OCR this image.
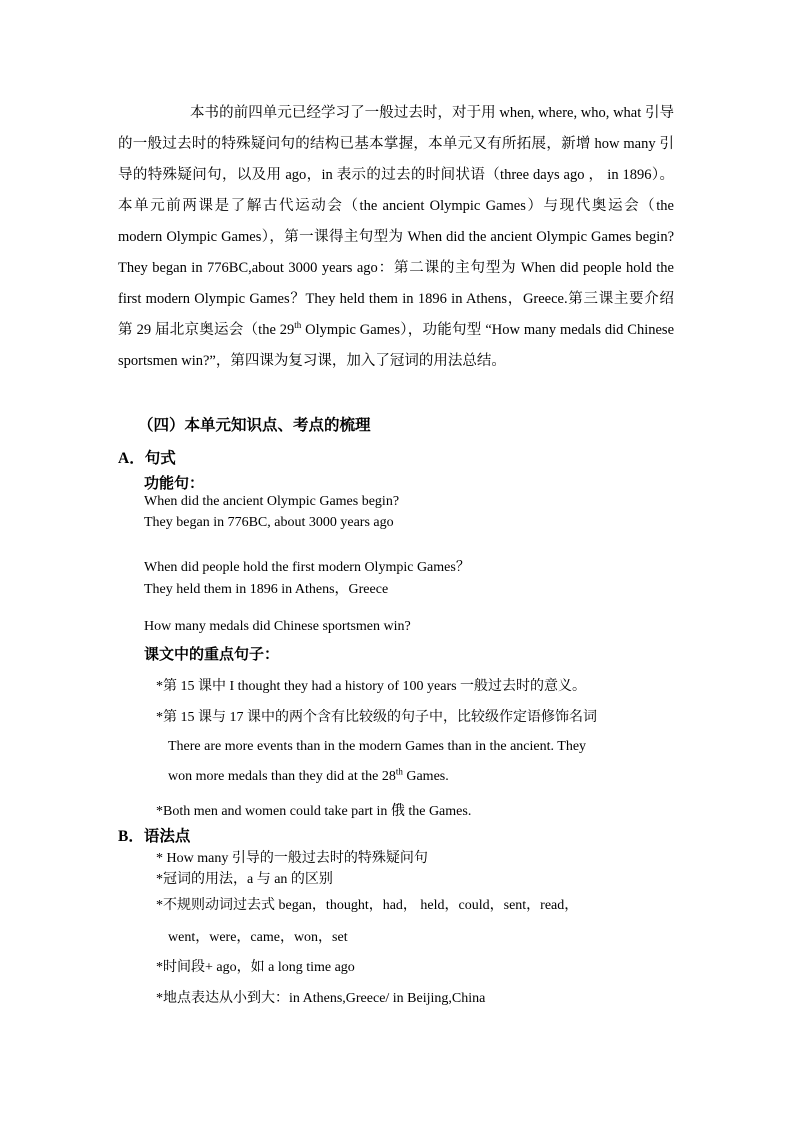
本书的前四单元已经学习了一般过去时，对于用 when, where, who, what 引导的一般过去时的特殊疑问句的结构已基本掌握，本单元又有所拓展，新增 how many 引导的特殊疑问句，以及用 ago，in 表示的过去的时间状语（three days ago ， in 1896）。本单元前两课是了解古代运动会（the ancient Olympic Games）与现代奥运会（the modern Olympic Games），第一课得主句型为 When did the ancient Olympic Games begin? They began in 776BC,about 3000 years ago：第二课的主句型为 When did people hold the first modern Olympic Games？They held them in 1896 in Athens，Greece.第三课主要介绍第 29 届北京奥运会（the 29th Olympic Games），功能句型 “How many medals did Chinese sportsmen win?”，第四课为复习课，加入了冠词的用法总结。

（四）本单元知识点、考点的梳理
A．句式
功能句：
When did the ancient Olympic Games begin?
They began in 776BC, about 3000 years ago
When did people hold the first modern Olympic Games？
They held them in 1896 in Athens，Greece
How many medals did Chinese sportsmen win?
课文中的重点句子：
*第 15 课中 I thought they had a history of 100 years 一般过去时的意义。
*第 15 课与 17 课中的两个含有比较级的句子中，比较级作定语修饰名词
There are more events than in the modern Games than in the ancient. They
won more medals than they did at the 28th Games.
*Both men and women could take part in 俄 the Games.
B．语法点
* How many 引导的一般过去时的特殊疑问句
*冠词的用法，a 与 an 的区别
*不规则动词过去式 began，thought，had， held，could，sent，read，
went，were，came，won，set
*时间段+ ago，如 a long time ago
*地点表达从小到大：in Athens,Greece/ in Beijing,China
